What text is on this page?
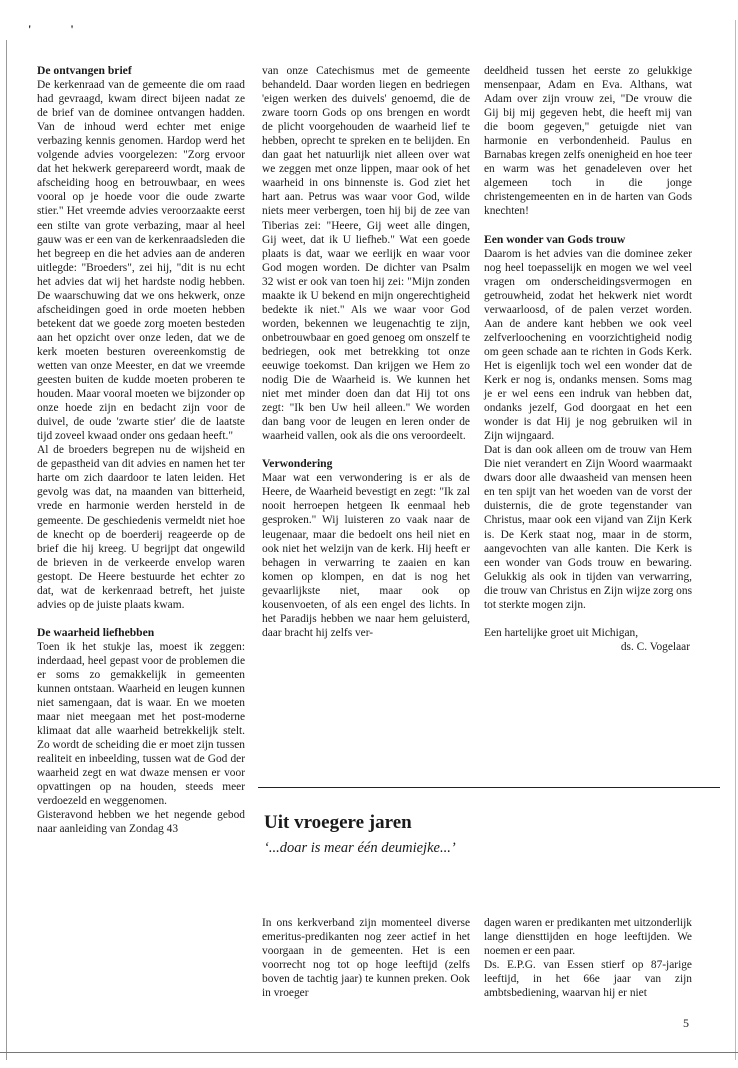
' '
De ontvangen brief

De kerkenraad van de gemeente die om raad had gevraagd, kwam direct bijeen nadat ze de brief van de dominee ontvangen hadden. Van de inhoud werd echter met enige verbazing kennis genomen. Hardop werd het volgende advies voorgelezen: "Zorg ervoor dat het hekwerk gerepareerd wordt, maak de afscheiding hoog en betrouwbaar, en wees vooral op je hoede voor die oude zwarte stier." Het vreemde advies veroorzaakte eerst een stilte van grote verbazing, maar al heel gauw was er een van de kerkenraadsleden die het begreep en die het advies aan de anderen uitlegde: "Broeders", zei hij, "dit is nu echt het advies dat wij het hardste nodig hebben. De waarschuwing dat we ons hekwerk, onze afscheidingen goed in orde moeten hebben betekent dat we goede zorg moeten besteden aan het opzicht over onze leden, dat we de kerk moeten besturen overeenkomstig de wetten van onze Meester, en dat we vreemde geesten buiten de kudde moeten proberen te houden. Maar vooral moeten we bijzonder op onze hoede zijn en bedacht zijn voor de duivel, de oude 'zwarte stier' die de laatste tijd zoveel kwaad onder ons gedaan heeft."

Al de broeders begrepen nu de wijsheid en de gepastheid van dit advies en namen het ter harte om zich daardoor te laten leiden. Het gevolg was dat, na maanden van bitterheid, vrede en harmonie werden hersteld in de gemeente. De geschiedenis vermeldt niet hoe de knecht op de boerderij reageerde op de brief die hij kreeg. U begrijpt dat ongewild de brieven in de verkeerde envelop waren gestopt. De Heere bestuurde het echter zo dat, wat de kerkenraad betreft, het juiste advies op de juiste plaats kwam.

De waarheid liefhebben

Toen ik het stukje las, moest ik zeggen: inderdaad, heel gepast voor de problemen die er soms zo gemakkelijk in gemeenten kunnen ontstaan. Waarheid en leugen kunnen niet samengaan, dat is waar. En we moeten maar niet meegaan met het post-moderne klimaat dat alle waarheid betrekkelijk stelt. Zo wordt de scheiding die er moet zijn tussen realiteit en inbeelding, tussen wat de God der waarheid zegt en wat dwaze mensen er voor opvattingen op na houden, steeds meer verdoezeld en weggenomen.

Gisteravond hebben we het negende gebod naar aanleiding van Zondag 43

van onze Catechismus met de gemeente behandeld. Daar worden liegen en bedriegen 'eigen werken des duivels' genoemd, die de zware toorn Gods op ons brengen en wordt de plicht voorgehouden de waarheid lief te hebben, oprecht te spreken en te belijden. En dan gaat het natuurlijk niet alleen over wat we zeggen met onze lippen, maar ook of het waarheid in ons binnenste is. God ziet het hart aan. Petrus was waar voor God, wilde niets meer verbergen, toen hij bij de zee van Tiberias zei: "Heere, Gij weet alle dingen, Gij weet, dat ik U liefheb." Wat een goede plaats is dat, waar we eerlijk en waar voor God mogen worden. De dichter van Psalm 32 wist er ook van toen hij zei: "Mijn zonden maakte ik U bekend en mijn ongerechtigheid bedekte ik niet." Als we waar voor God worden, bekennen we leugenachtig te zijn, onbetrouwbaar en goed genoeg om onszelf te bedriegen, ook met betrekking tot onze eeuwige toekomst. Dan krijgen we Hem zo nodig Die de Waarheid is. We kunnen het niet met minder doen dan dat Hij tot ons zegt: "Ik ben Uw heil alleen." We worden dan bang voor de leugen en leren onder de waarheid vallen, ook als die ons veroordeelt.

Verwondering

Maar wat een verwondering is er als de Heere, de Waarheid bevestigt en zegt: "Ik zal nooit herroepen hetgeen Ik eenmaal heb gesproken." Wij luisteren zo vaak naar de leugenaar, maar die bedoelt ons heil niet en ook niet het welzijn van de kerk. Hij heeft er behagen in verwarring te zaaien en kan komen op klompen, en dat is nog het gevaarlijkste niet, maar ook op kousenvoeten, of als een engel des lichts. In het Paradijs hebben we naar hem geluisterd, daar bracht hij zelfs ver-

deeldheid tussen het eerste zo gelukkige mensenpaar, Adam en Eva. Althans, wat Adam over zijn vrouw zei, "De vrouw die Gij bij mij gegeven hebt, die heeft mij van die boom gegeven," getuigde niet van harmonie en verbondenheid. Paulus en Barnabas kregen zelfs onenigheid en hoe teer en warm was het genadeleven over het algemeen toch in die jonge christengemeenten en in de harten van Gods knechten!

Een wonder van Gods trouw

Daarom is het advies van die dominee zeker nog heel toepasselijk en mogen we wel veel vragen om onderscheidingsvermogen en getrouwheid, zodat het hekwerk niet wordt verwaarloosd, of de palen verzet worden. Aan de andere kant hebben we ook veel zelfverloochening en voorzichtigheid nodig om geen schade aan te richten in Gods Kerk. Het is eigenlijk toch wel een wonder dat de Kerk er nog is, ondanks mensen. Soms mag je er wel eens een indruk van hebben dat, ondanks jezelf, God doorgaat en het een wonder is dat Hij je nog gebruiken wil in Zijn wijngaard.

Dat is dan ook alleen om de trouw van Hem Die niet verandert en Zijn Woord waarmaakt dwars door alle dwaasheid van mensen heen en ten spijt van het woeden van de vorst der duisternis, die de grote tegenstander van Christus, maar ook een vijand van Zijn Kerk is. De Kerk staat nog, maar in de storm, aangevochten van alle kanten. Die Kerk is een wonder van Gods trouw en bewaring. Gelukkig als ook in tijden van verwarring, die trouw van Christus en Zijn wijze zorg ons tot sterkte mogen zijn.

Een hartelijke groet uit Michigan,

ds. C. Vogelaar

Uit vroegere jaren

‘...doar is mear één deumiejke...’

In ons kerkverband zijn momenteel diverse emeritus-predikanten nog zeer actief in het voorgaan in de gemeenten. Het is een voorrecht nog tot op hoge leeftijd (zelfs boven de tachtig jaar) te kunnen preken. Ook in vroeger

dagen waren er predikanten met uitzonderlijk lange diensttijden en hoge leeftijden. We noemen er een paar.

Ds. E.P.G. van Essen stierf op 87-jarige leeftijd, in het 66e jaar van zijn ambtsbediening, waarvan hij er niet

5
